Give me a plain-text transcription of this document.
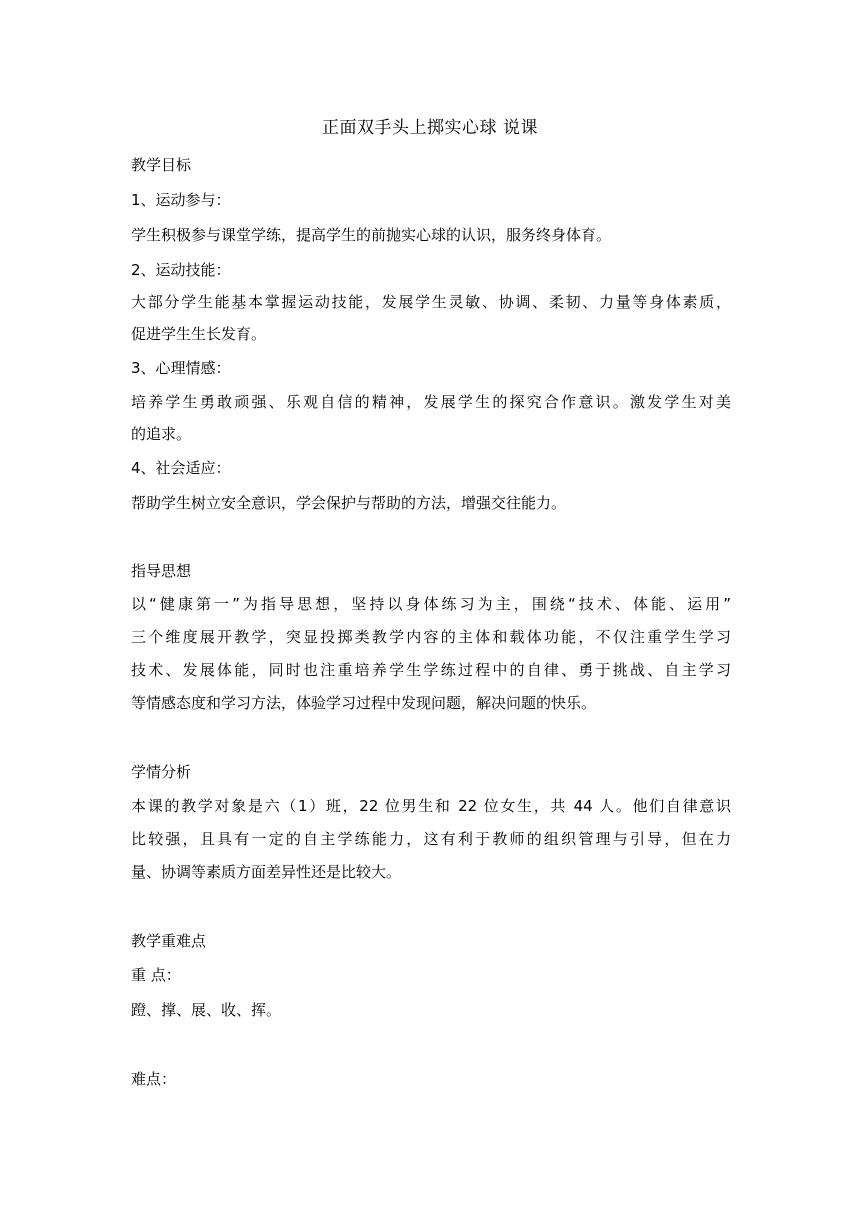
正面双手头上掷实心球 说课
教学目标
1、运动参与：
学生积极参与课堂学练，提高学生的前抛实心球的认识，服务终身体育。
2、运动技能：
大部分学生能基本掌握运动技能，发展学生灵敏、协调、柔韧、力量等身体素质，
促进学生生长发育。
3、心理情感：
培养学生勇敢顽强、乐观自信的精神，发展学生的探究合作意识。激发学生对美
的追求。
4、社会适应：
帮助学生树立安全意识，学会保护与帮助的方法，增强交往能力。
指导思想
以“健康第一”为指导思想，坚持以身体练习为主，围绕“技术、体能、运用”
三个维度展开教学，突显投掷类教学内容的主体和载体功能，不仅注重学生学习
技术、发展体能，同时也注重培养学生学练过程中的自律、勇于挑战、自主学习
等情感态度和学习方法，体验学习过程中发现问题，解决问题的快乐。
学情分析
本课的教学对象是六（1）班，22 位男生和 22 位女生，共 44 人。他们自律意识
比较强，且具有一定的自主学练能力，这有利于教师的组织管理与引导，但在力
量、协调等素质方面差异性还是比较大。
教学重难点
重 点：
蹬、撑、展、收、挥。
难点：
